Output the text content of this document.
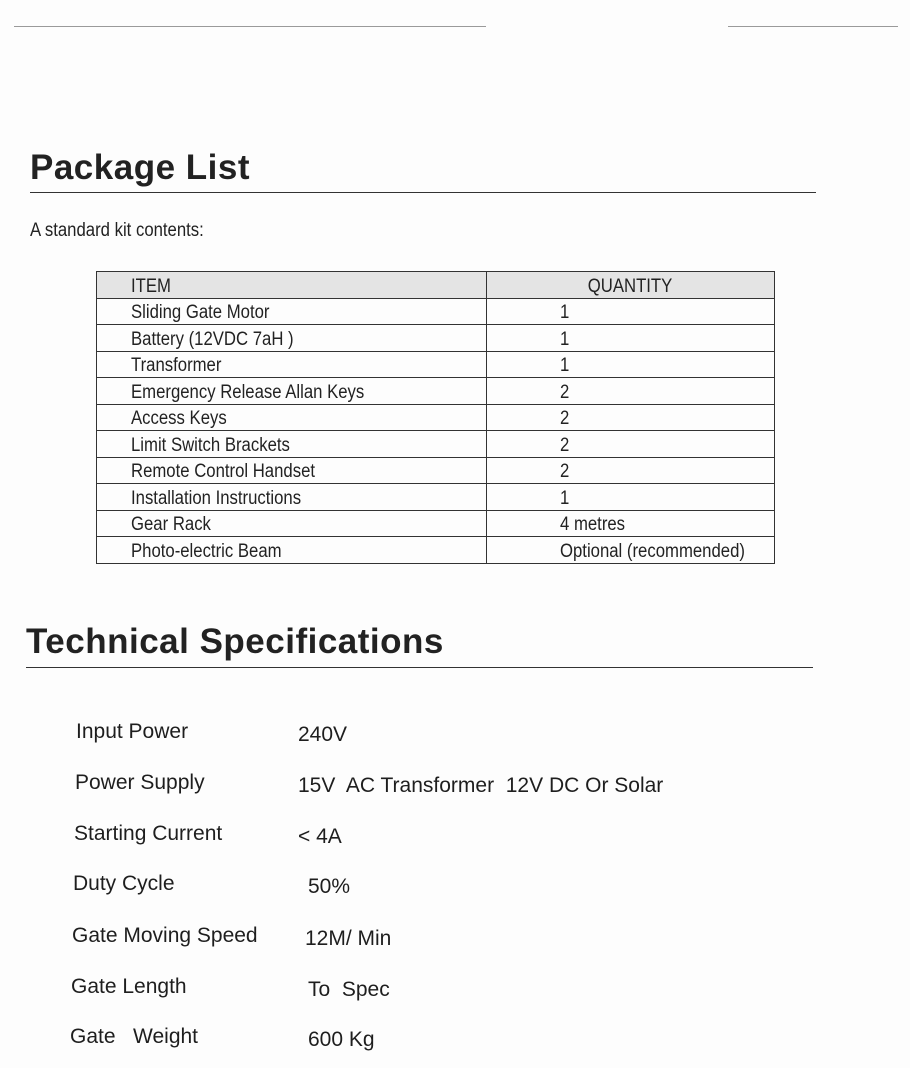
Package List
A standard kit contents:
ITEM	QUANTITY
Sliding Gate Motor	1
Battery (12VDC 7aH )	1
Transformer	1
Emergency Release Allan Keys	2
Access Keys	2
Limit Switch Brackets	2
Remote Control Handset	2
Installation Instructions	1
Gear Rack	4 metres
Photo-electric Beam	Optional (recommended)
Technical Specifications
Input Power	240V
Power Supply	15V  AC Transformer  12V DC Or Solar
Starting Current	< 4A
Duty Cycle	50%
Gate Moving Speed 12M/ Min
Gate Length	To  Spec
Gate   Weight	600 Kg
